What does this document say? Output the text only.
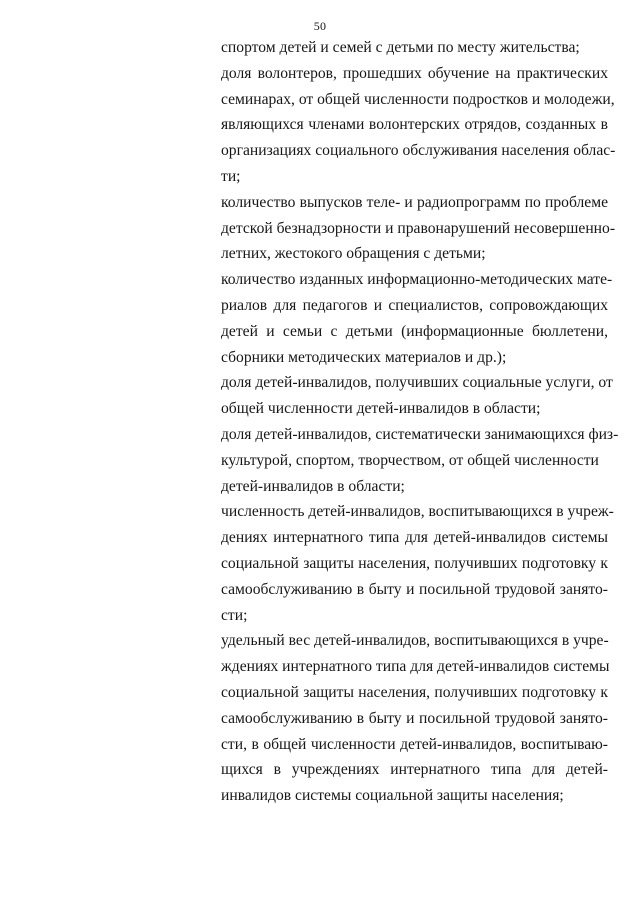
50

спортом детей и семей с детьми по месту жительства;

доля волонтеров, прошедших обучение на практических

семинарах, от общей численности подростков и молодежи,

являющихся членами волонтерских отрядов, созданных в

организациях социального обслуживания населения облас-

ти;

количество выпусков теле- и радиопрограмм по проблеме

детской безнадзорности и правонарушений несовершенно-

летних, жестокого обращения с детьми;

количество изданных информационно-методических мате-

риалов для педагогов и специалистов, сопровождающих

детей и семьи с детьми (информационные бюллетени,

сборники методических материалов и др.);

доля детей-инвалидов, получивших социальные услуги, от

общей численности детей-инвалидов в области;

доля детей-инвалидов, систематически занимающихся физ-

культурой, спортом, творчеством, от общей численности

детей-инвалидов в области;

численность детей-инвалидов, воспитывающихся в учреж-

дениях интернатного типа для детей-инвалидов системы

социальной защиты населения, получивших подготовку к

самообслуживанию в быту и посильной трудовой занято-

сти;

удельный вес детей-инвалидов, воспитывающихся в учре-

ждениях интернатного типа для детей-инвалидов системы

социальной защиты населения, получивших подготовку к

самообслуживанию в быту и посильной трудовой занято-

сти, в общей численности детей-инвалидов, воспитываю-

щихся в учреждениях интернатного типа для детей-

инвалидов системы социальной защиты населения;
